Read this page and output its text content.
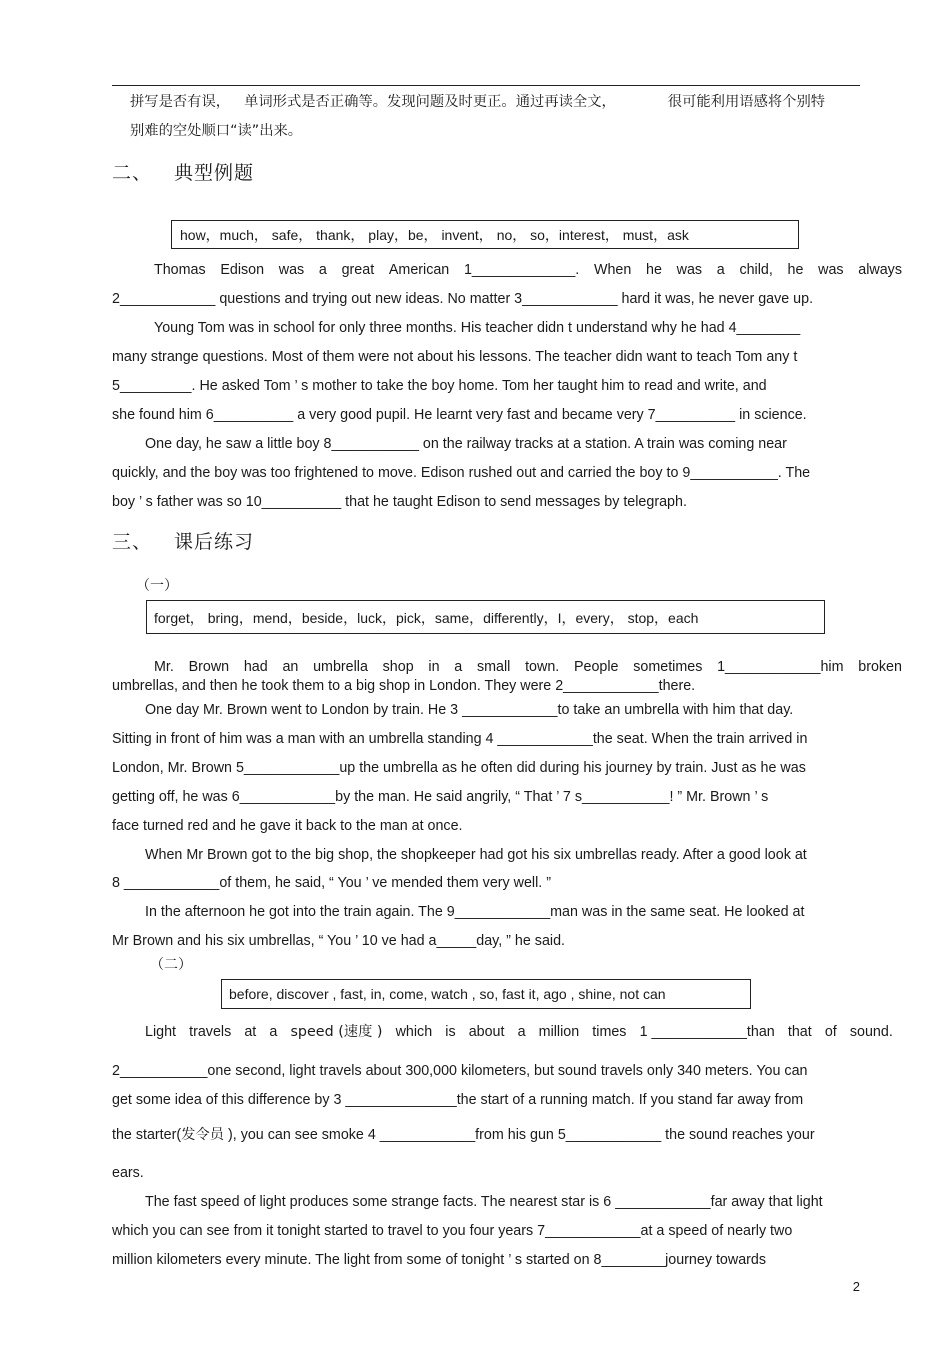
拼写是否有误， 单词形式是否正确等。发现问题及时更正。通过再读全文，	很可能利用语感将个别特
别难的空处顺口“读”出来。
二、 典型例题
how，much， safe， thank， play，be， invent， no， so，interest， must，ask
Thomas Edison was a great American 1_____________. When he was a child, he was always
2____________ questions and trying out new ideas. No matter 3____________ hard it was, he never gave up.
Young Tom was in school for only three months. His teacher didn t understand why he had 4________
many strange questions. Most of them were not about his lessons. The teacher didn want to teach Tom any t
5_________. He asked Tom ’ s mother to take the boy home. Tom her taught him to read and write, and
she found him 6__________ a very good pupil. He learnt very fast and became very 7__________ in science.
One day, he saw a little boy 8___________ on the railway tracks at a station. A train was coming near
quickly, and the boy was too frightened to move. Edison rushed out and carried the boy to 9___________. The
boy ’ s father was so 10__________ that he taught Edison to send messages by telegraph.
三、 课后练习
（一）
forget， bring，mend，beside，luck，pick，same，differently，I，every， stop，each
Mr. Brown had an umbrella shop in a small town. People sometimes 1____________him broken
umbrellas, and then he took them to a big shop in London. They were 2____________there.
One day Mr. Brown went to London by train. He 3 ____________to take an umbrella with him that day.
Sitting in front of him was a man with an umbrella standing 4 ____________the seat. When the train arrived in
London, Mr. Brown 5____________up the umbrella as he often did during his journey by train. Just as he was
getting off, he was 6____________by the man. He said angrily, “ That ’ 7 s___________! ” Mr. Brown ’ s
face turned red and he gave it back to the man at once.
When Mr Brown got to the big shop, the shopkeeper had got his six umbrellas ready. After a good look at
8 ____________of them, he said, “ You ’ ve mended them very well. ”
In the afternoon he got into the train again. The 9____________man was in the same seat. He looked at
Mr Brown and his six umbrellas, “ You ’ 10 ve had a_____day, ” he said.
（二）
before, discover , fast, in, come, watch , so, fast it, ago , shine, not can
Light travels at a speed (速度 ) which is about a million times 1 ____________than that of sound.
2___________one second, light travels about 300,000 kilometers, but sound travels only 340 meters. You can
get some idea of this difference by 3 ______________the start of a running match. If you stand far away from
the starter(发令员 ), you can see smoke 4 ____________from his gun 5____________ the sound reaches your
ears.
The fast speed of light produces some strange facts. The nearest star is 6 ____________far away that light
which you can see from it tonight started to travel to you four years 7____________at a speed of nearly two
million kilometers every minute. The light from some of tonight ’ s started on 8________journey towards
2
